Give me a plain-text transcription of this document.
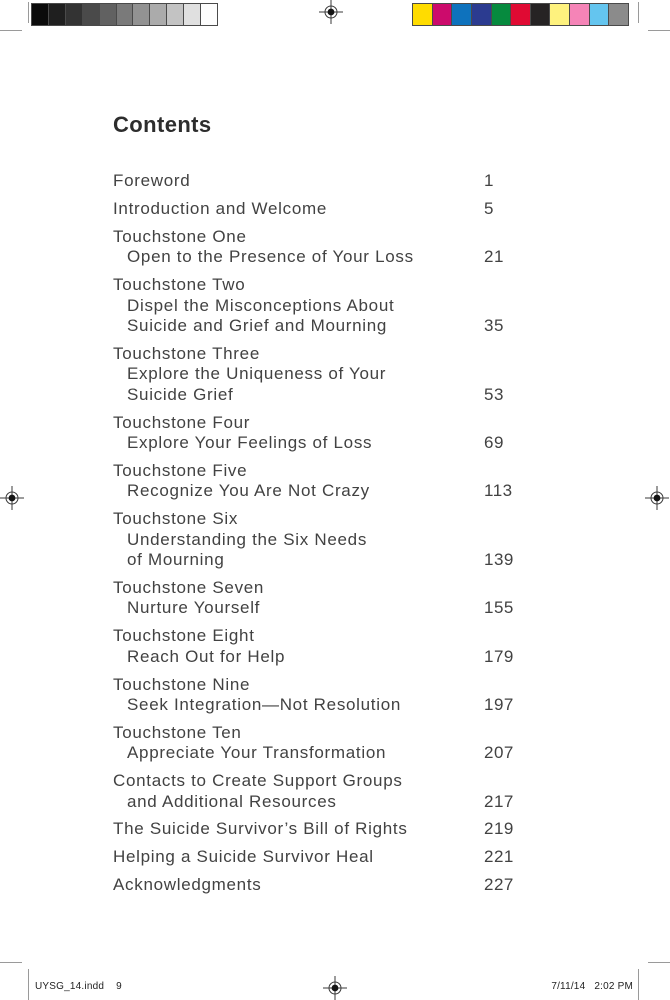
Contents
Foreword	1
Introduction and Welcome	5
Touchstone One
Open to the Presence of Your Loss	21
Touchstone Two
Dispel the Misconceptions About
Suicide and Grief and Mourning	35
Touchstone Three
Explore the Uniqueness of Your
Suicide Grief	53
Touchstone Four
Explore Your Feelings of Loss	69
Touchstone Five
Recognize You Are Not Crazy	113
Touchstone Six
Understanding the Six Needs
of Mourning	139
Touchstone Seven
Nurture Yourself	155
Touchstone Eight
Reach Out for Help	179
Touchstone Nine
Seek Integration—Not Resolution	197
Touchstone Ten
Appreciate Your Transformation	207
Contacts to Create Support Groups
and Additional Resources	217
The Suicide Survivor’s Bill of Rights	219
Helping a Suicide Survivor Heal	221
Acknowledgments	227
UYSG_14.indd 9	7/11/14 2:02 PM
